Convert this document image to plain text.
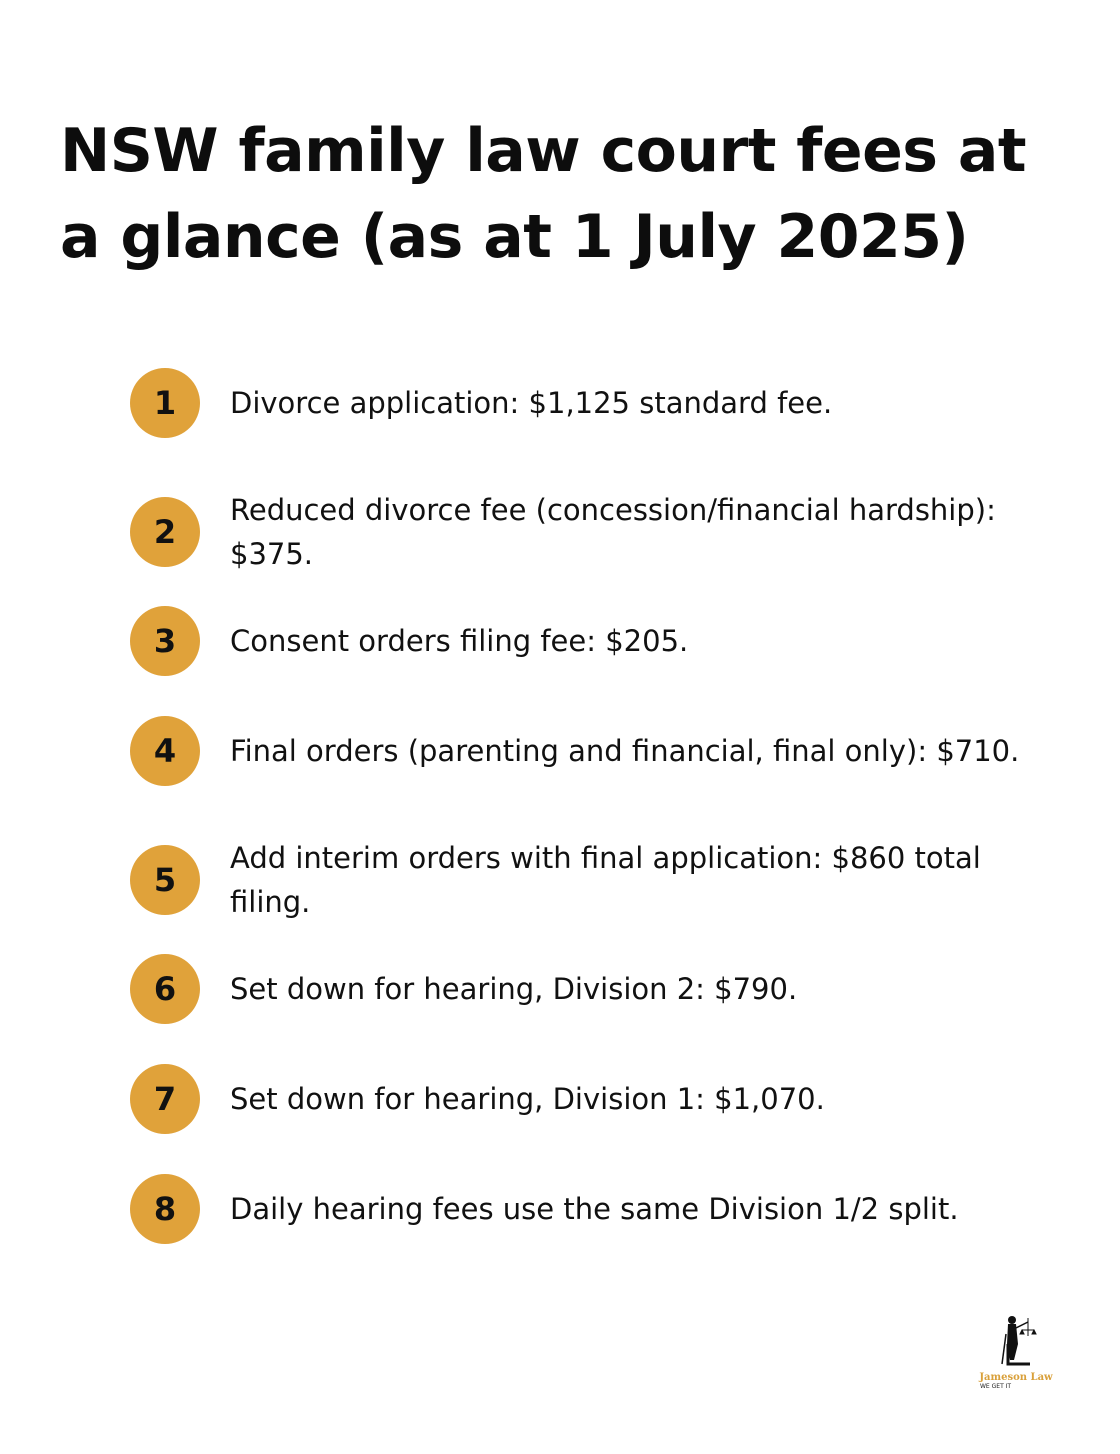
NSW family law court fees at a glance (as at 1 July 2025)
1	Divorce application: $1,125 standard fee.
2
Reduced divorce fee (concession/financial hardship): $375.
3	Consent orders filing fee: $205.
4	Final orders (parenting and financial, final only): $710.
5
Add interim orders with final application: $860 total filing.
6	Set down for hearing, Division 2: $790.
7	Set down for hearing, Division 1: $1,070.
8	Daily hearing fees use the same Division 1/2 split.
Jameson Law
WE GET IT
